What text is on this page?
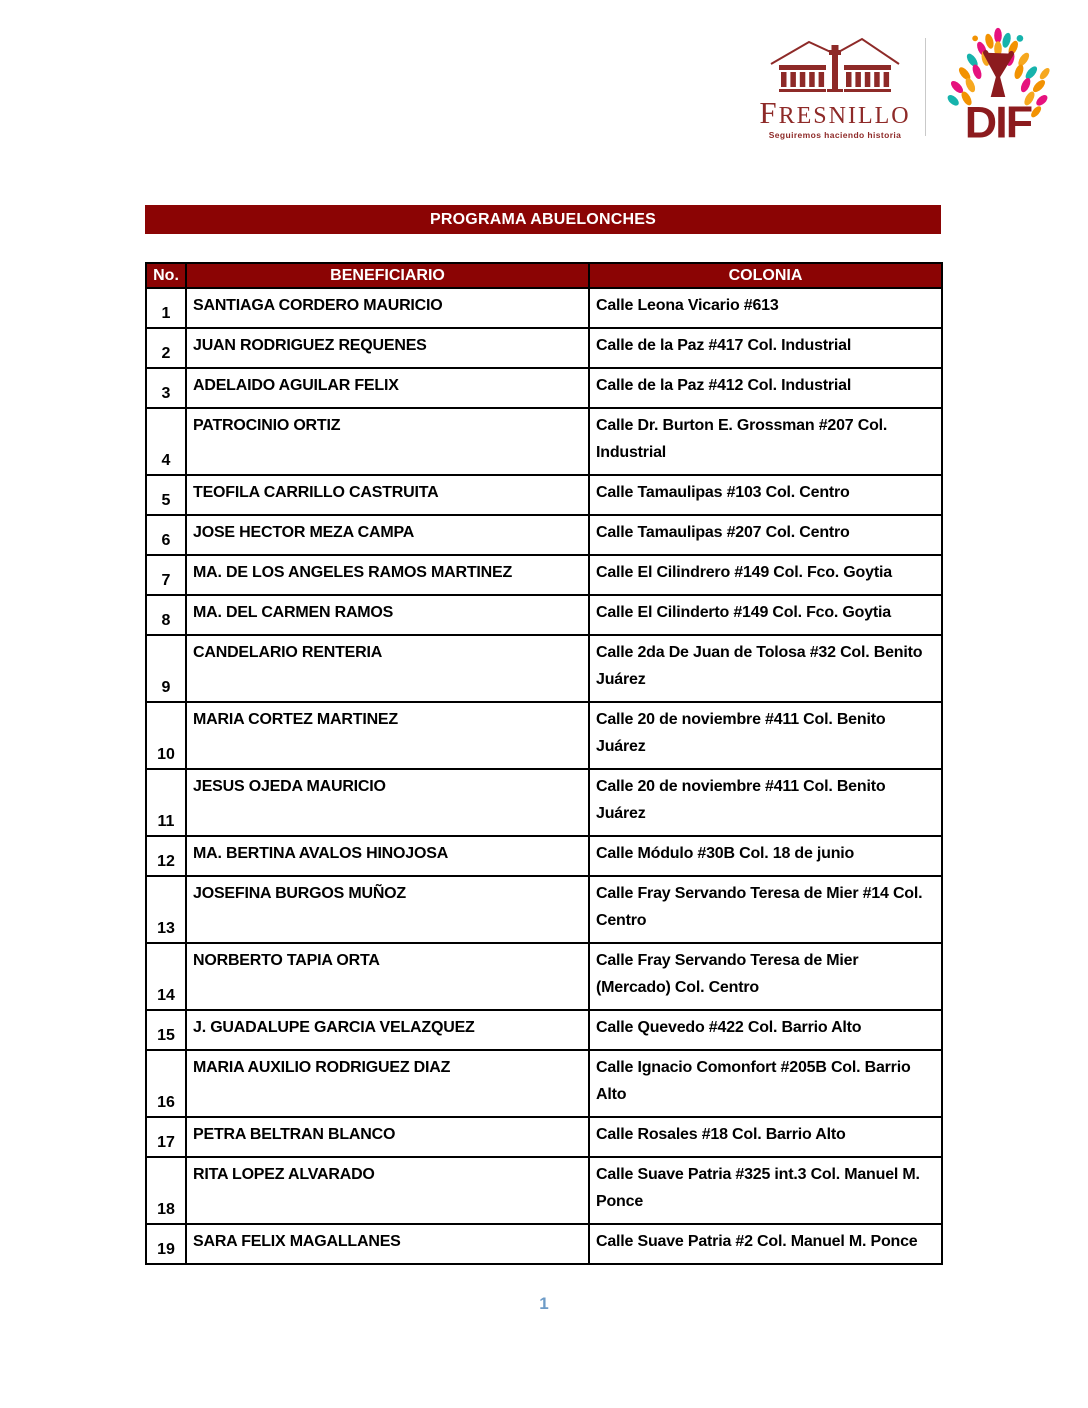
FRESNILLO
Seguiremos haciendo historia DIF
PROGRAMA ABUELONCHES
No.	BENEFICIARIO	COLONIA
1	SANTIAGA CORDERO MAURICIO	Calle Leona Vicario #613
2	JUAN RODRIGUEZ REQUENES	Calle de la Paz #417 Col. Industrial
3	ADELAIDO AGUILAR FELIX	Calle de la Paz #412 Col. Industrial
4	PATROCINIO ORTIZ	Calle Dr. Burton E. Grossman #207 Col. Industrial
5	TEOFILA CARRILLO CASTRUITA	Calle Tamaulipas #103 Col. Centro
6	JOSE HECTOR MEZA CAMPA	Calle Tamaulipas #207 Col. Centro
7	MA. DE LOS ANGELES RAMOS MARTINEZ	Calle El Cilindrero #149 Col. Fco. Goytia
8	MA. DEL CARMEN RAMOS	Calle El Cilinderto #149 Col. Fco. Goytia
9	CANDELARIO RENTERIA	Calle 2da De Juan de Tolosa #32 Col. Benito Juárez
10	MARIA CORTEZ MARTINEZ	Calle 20 de noviembre #411 Col. Benito Juárez
11	JESUS OJEDA MAURICIO	Calle 20 de noviembre #411 Col. Benito Juárez
12	MA. BERTINA AVALOS HINOJOSA	Calle Módulo #30B Col. 18 de junio
13	JOSEFINA BURGOS MUÑOZ	Calle Fray Servando Teresa de Mier #14 Col. Centro
14	NORBERTO TAPIA ORTA	Calle Fray Servando Teresa de Mier (Mercado) Col. Centro
15	J. GUADALUPE GARCIA VELAZQUEZ	Calle Quevedo #422 Col. Barrio Alto
16	MARIA AUXILIO RODRIGUEZ DIAZ	Calle Ignacio Comonfort #205B Col. Barrio Alto
17	PETRA BELTRAN BLANCO	Calle Rosales #18 Col. Barrio Alto
18	RITA LOPEZ ALVARADO	Calle Suave Patria #325 int.3 Col. Manuel M. Ponce
19	SARA FELIX MAGALLANES	Calle Suave Patria #2 Col. Manuel M. Ponce
1
